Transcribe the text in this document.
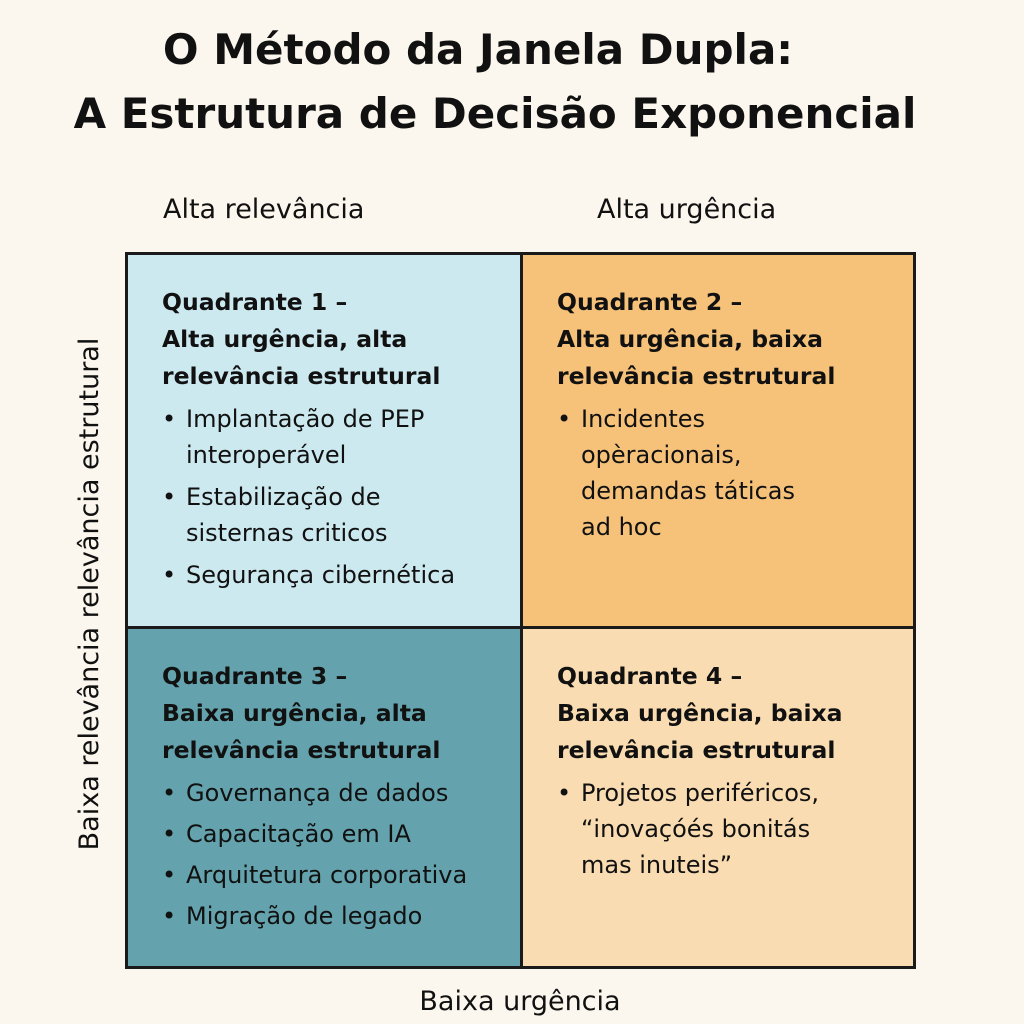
O Método da Janela Dupla:
A Estrutura de Decisão Exponencial
Alta relevância	Alta urgência
Baixa relevância relevância estrutural
Baixa urgência

Quadrante 1 –
Alta urgência, alta
relevância estrutural

• Implantação de PEP
interoperável
• Estabilização de
sisternas criticos
• Segurança cibernética

Quadrante 2 –
Alta urgência, baixa
relevância estrutural

• Incidentes
opèracionais,
demandas táticas
ad hoc

Quadrante 3 –
Baixa urgência, alta
relevância estrutural

• Governança de dados
• Capacitação em IA
• Arquitetura corporativa
• Migração de legado

Quadrante 4 –
Baixa urgência, baixa
relevância estrutural

• Projetos periféricos,
“inovaçóés bonitás
mas inuteis”
